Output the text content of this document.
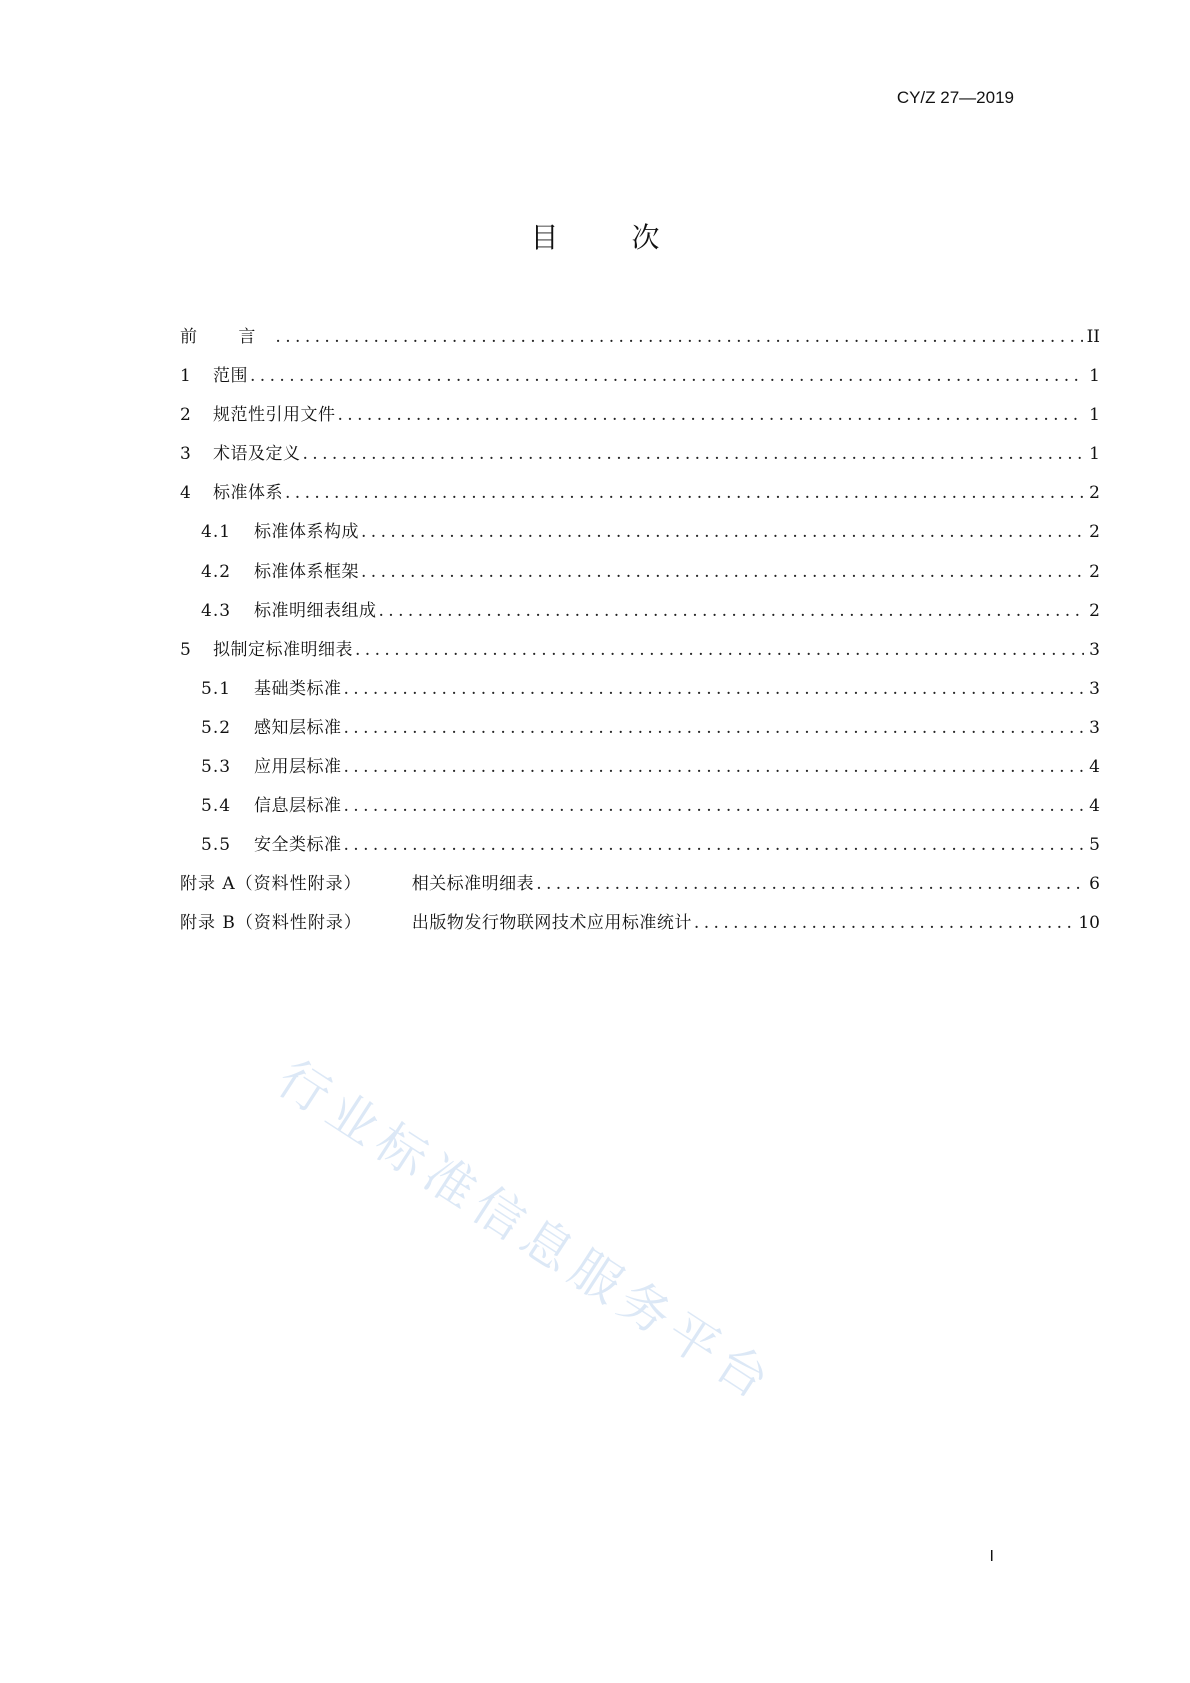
CY/Z 27—2019
目 次
前 言 .....	II
1	范围 .....	1
2	规范性引用文件 .....	1
3	术语及定义 .....	1
4	标准体系 .....	2
4.1	标准体系构成 .....	2
4.2	标准体系框架 .....	2
4.3	标准明细表组成 .....	2
5	拟制定标准明细表 .....	3
5.1	基础类标准 .....	3
5.2	感知层标准 .....	3
5.3	应用层标准 .....	4
5.4	信息层标准 .....	4
5.5	安全类标准 .....	5
附录 A（资料性附录）	相关标准明细表 .....	6
附录 B（资料性附录）	出版物发行物联网技术应用标准统计 .....	10
行业标准信息服务平台
I
